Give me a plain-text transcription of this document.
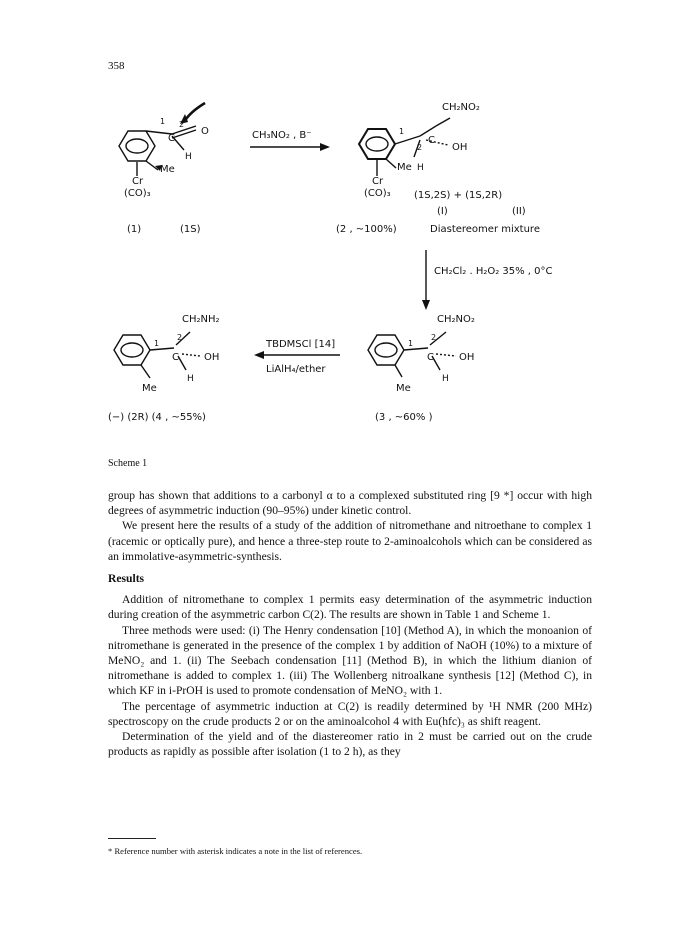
358
1 2
C
O
H
Me
Cr
(CO)₃
(1)	(1S)
CH₃NO₂ , B⁻
CH₂NO₂
1
2
C
OH
Me H
Cr
(CO)₃ (1S,2S) + (1S,2R)
(I)	(II)
(2 , ~100%)	Diastereomer mixture
CH₂Cl₂ . H₂O₂ 35% , 0°C
CH₂NO₂
1
2
C	OH
H
Me
(3 , ~60% )
TBDMSCl [14]
LiAlH₄/ether
CH₂NH₂
1
2
C	OH
H
Me
(−) (2R) (4 , ~55%)
Scheme 1

group has shown that additions to a carbonyl α to a complexed substituted ring [9 *] occur with high degrees of asymmetric induction (90–95%) under kinetic control.

We present here the results of a study of the addition of nitromethane and nitroethane to complex 1 (racemic or optically pure), and hence a three-step route to 2-aminoalcohols which can be considered as an immolative-asymmetric-synthesis.

Results

Addition of nitromethane to complex 1 permits easy determination of the asymmetric induction during creation of the asymmetric carbon C(2). The results are shown in Table 1 and Scheme 1.

Three methods were used: (i) The Henry condensation [10] (Method A), in which the monoanion of nitromethane is generated in the presence of the complex 1 by addition of NaOH (10%) to a mixture of MeNO₂ and 1. (ii) The Seebach condensation [11] (Method B), in which the lithium dianion of nitromethane is added to complex 1. (iii) The Wollenberg nitroalkane synthesis [12] (Method C), in which KF in i-PrOH is used to promote condensation of MeNO₂ with 1.

The percentage of asymmetric induction at C(2) is readily determined by ¹H NMR (200 MHz) spectroscopy on the crude products 2 or on the aminoalcohol 4 with Eu(hfc)₃ as shift reagent.

Determination of the yield and of the diastereomer ratio in 2 must be carried out on the crude products as rapidly as possible after isolation (1 to 2 h), as they

* Reference number with asterisk indicates a note in the list of references.
